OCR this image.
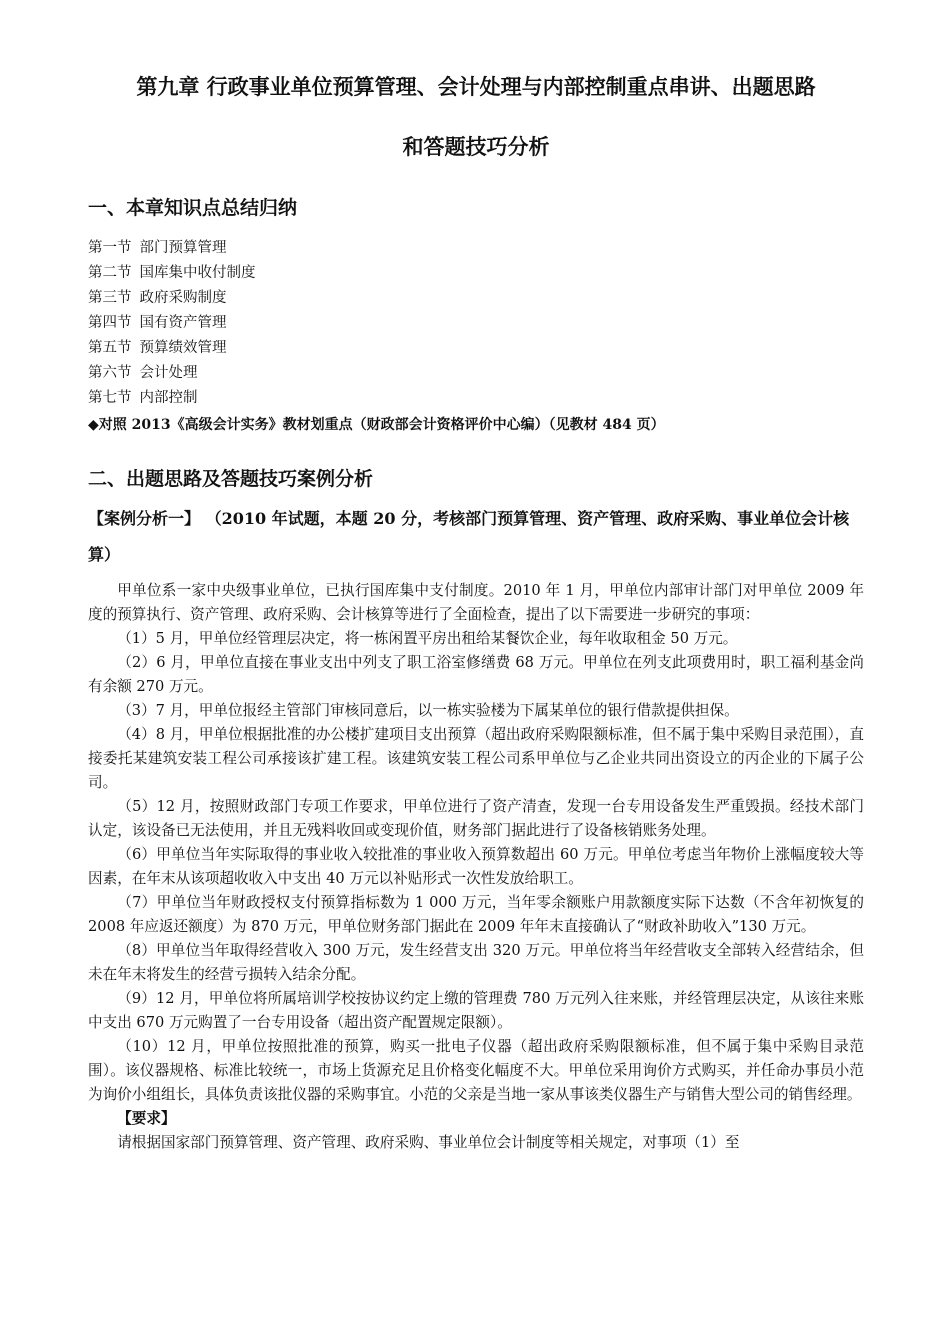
第九章 行政事业单位预算管理、会计处理与内部控制重点串讲、出题思路

和答题技巧分析

一、本章知识点总结归纳

第一节 部门预算管理
第二节 国库集中收付制度
第三节 政府采购制度
第四节 国有资产管理
第五节 预算绩效管理
第六节 会计处理
第七节 内部控制
◆对照 2013《高级会计实务》教材划重点（财政部会计资格评价中心编）（见教材 484 页）

二、出题思路及答题技巧案例分析

【案例分析一】 （2010 年试题，本题 20 分，考核部门预算管理、资产管理、政府采购、事业单位会计核算）

甲单位系一家中央级事业单位，已执行国库集中支付制度。2010 年 1 月，甲单位内部审计部门对甲单位 2009 年度的预算执行、资产管理、政府采购、会计核算等进行了全面检查，提出了以下需要进一步研究的事项：

（1）5 月，甲单位经管理层决定，将一栋闲置平房出租给某餐饮企业，每年收取租金 50 万元。

（2）6 月，甲单位直接在事业支出中列支了职工浴室修缮费 68 万元。甲单位在列支此项费用时，职工福利基金尚有余额 270 万元。

（3）7 月，甲单位报经主管部门审核同意后，以一栋实验楼为下属某单位的银行借款提供担保。

（4）8 月，甲单位根据批准的办公楼扩建项目支出预算（超出政府采购限额标准，但不属于集中采购目录范围），直接委托某建筑安装工程公司承接该扩建工程。该建筑安装工程公司系甲单位与乙企业共同出资设立的丙企业的下属子公司。

（5）12 月，按照财政部门专项工作要求，甲单位进行了资产清查，发现一台专用设备发生严重毁损。经技术部门认定，该设备已无法使用，并且无残料收回或变现价值，财务部门据此进行了设备核销账务处理。

（6）甲单位当年实际取得的事业收入较批准的事业收入预算数超出 60 万元。甲单位考虑当年物价上涨幅度较大等因素，在年末从该项超收收入中支出 40 万元以补贴形式一次性发放给职工。

（7）甲单位当年财政授权支付预算指标数为 1 000 万元，当年零余额账户用款额度实际下达数（不含年初恢复的 2008 年应返还额度）为 870 万元，甲单位财务部门据此在 2009 年年末直接确认了“财政补助收入”130 万元。

（8）甲单位当年取得经营收入 300 万元，发生经营支出 320 万元。甲单位将当年经营收支全部转入经营结余，但未在年末将发生的经营亏损转入结余分配。

（9）12 月，甲单位将所属培训学校按协议约定上缴的管理费 780 万元列入往来账，并经管理层决定，从该往来账中支出 670 万元购置了一台专用设备（超出资产配置规定限额）。

（10）12 月，甲单位按照批准的预算，购买一批电子仪器（超出政府采购限额标准，但不属于集中采购目录范围）。该仪器规格、标准比较统一，市场上货源充足且价格变化幅度不大。甲单位采用询价方式购买，并任命办事员小范为询价小组组长，具体负责该批仪器的采购事宜。小范的父亲是当地一家从事该类仪器生产与销售大型公司的销售经理。

【要求】

请根据国家部门预算管理、资产管理、政府采购、事业单位会计制度等相关规定，对事项（1）至
